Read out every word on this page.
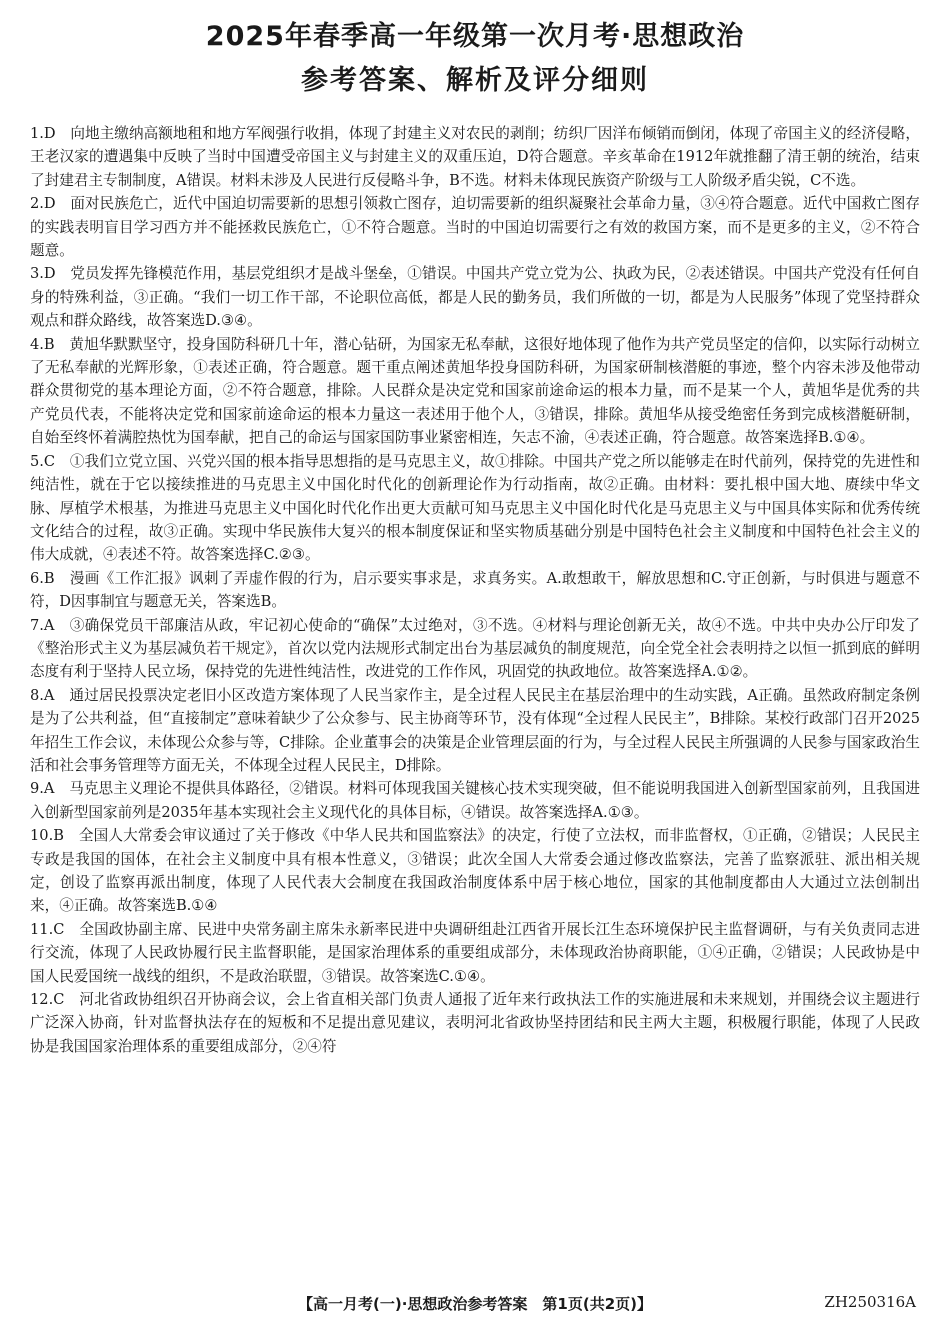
2025年春季高一年级第一次月考·思想政治
参考答案、解析及评分细则

1.D　 向地主缴纳高额地租和地方军阀强行收捐，体现了封建主义对农民的剥削；纺织厂因洋布倾销而倒闭，体现了帝国主义的经济侵略，王老汉家的遭遇集中反映了当时中国遭受帝国主义与封建主义的双重压迫，D符合题意。辛亥革命在1912年就推翻了清王朝的统治，结束了封建君主专制制度，A错误。材料未涉及人民进行反侵略斗争，B不选。材料未体现民族资产阶级与工人阶级矛盾尖锐，C不选。

2.D　 面对民族危亡，近代中国迫切需要新的思想引领救亡图存，迫切需要新的组织凝聚社会革命力量，③④符合题意。近代中国救亡图存的实践表明盲目学习西方并不能拯救民族危亡，①不符合题意。当时的中国迫切需要行之有效的救国方案，而不是更多的主义，②不符合题意。

3.D　 党员发挥先锋模范作用，基层党组织才是战斗堡垒，①错误。中国共产党立党为公、执政为民，②表述错误。中国共产党没有任何自身的特殊利益，③正确。“我们一切工作干部，不论职位高低，都是人民的勤务员，我们所做的一切，都是为人民服务”体现了党坚持群众观点和群众路线，故答案选D.③④。

4.B　 黄旭华默默坚守，投身国防科研几十年，潜心钻研，为国家无私奉献，这很好地体现了他作为共产党员坚定的信仰，以实际行动树立了无私奉献的光辉形象，①表述正确，符合题意。题干重点阐述黄旭华投身国防科研，为国家研制核潜艇的事迹，整个内容未涉及他带动群众贯彻党的基本理论方面，②不符合题意，排除。人民群众是决定党和国家前途命运的根本力量，而不是某一个人，黄旭华是优秀的共产党员代表，不能将决定党和国家前途命运的根本力量这一表述用于他个人，③错误，排除。黄旭华从接受绝密任务到完成核潜艇研制，自始至终怀着满腔热忱为国奉献，把自己的命运与国家国防事业紧密相连，矢志不渝，④表述正确，符合题意。故答案选择B.①④。

5.C　 ①我们立党立国、兴党兴国的根本指导思想指的是马克思主义，故①排除。中国共产党之所以能够走在时代前列，保持党的先进性和纯洁性，就在于它以接续推进的马克思主义中国化时代化的创新理论作为行动指南，故②正确。由材料：要扎根中国大地、赓续中华文脉、厚植学术根基，为推进马克思主义中国化时代化作出更大贡献可知马克思主义中国化时代化是马克思主义与中国具体实际和优秀传统文化结合的过程，故③正确。实现中华民族伟大复兴的根本制度保证和坚实物质基础分别是中国特色社会主义制度和中国特色社会主义的伟大成就，④表述不符。故答案选择C.②③。

6.B　 漫画《工作汇报》讽刺了弄虚作假的行为，启示要实事求是，求真务实。A.敢想敢干，解放思想和C.守正创新，与时俱进与题意不符，D因事制宜与题意无关，答案选B。

7.A　 ③确保党员干部廉洁从政，牢记初心使命的“确保”太过绝对，③不选。④材料与理论创新无关，故④不选。中共中央办公厅印发了《整治形式主义为基层减负若干规定》，首次以党内法规形式制定出台为基层减负的制度规范，向全党全社会表明持之以恒一抓到底的鲜明态度有利于坚持人民立场，保持党的先进性纯洁性，改进党的工作作风，巩固党的执政地位。故答案选择A.①②。

8.A　 通过居民投票决定老旧小区改造方案体现了人民当家作主，是全过程人民民主在基层治理中的生动实践，A正确。虽然政府制定条例是为了公共利益，但“直接制定”意味着缺少了公众参与、民主协商等环节，没有体现“全过程人民民主”，B排除。某校行政部门召开2025年招生工作会议，未体现公众参与等，C排除。企业董事会的决策是企业管理层面的行为，与全过程人民民主所强调的人民参与国家政治生活和社会事务管理等方面无关，不体现全过程人民民主，D排除。

9.A　 马克思主义理论不提供具体路径，②错误。材料可体现我国关键核心技术实现突破，但不能说明我国进入创新型国家前列，且我国进入创新型国家前列是2035年基本实现社会主义现代化的具体目标，④错误。故答案选择A.①③。

10.B　 全国人大常委会审议通过了关于修改《中华人民共和国监察法》的决定，行使了立法权，而非监督权，①正确，②错误；人民民主专政是我国的国体，在社会主义制度中具有根本性意义，③错误；此次全国人大常委会通过修改监察法，完善了监察派驻、派出相关规定，创设了监察再派出制度，体现了人民代表大会制度在我国政治制度体系中居于核心地位，国家的其他制度都由人大通过立法创制出来，④正确。故答案选B.①④

11.C　 全国政协副主席、民进中央常务副主席朱永新率民进中央调研组赴江西省开展长江生态环境保护民主监督调研，与有关负责同志进行交流，体现了人民政协履行民主监督职能，是国家治理体系的重要组成部分，未体现政治协商职能，①④正确，②错误；人民政协是中国人民爱国统一战线的组织，不是政治联盟，③错误。故答案选C.①④。

12.C　 河北省政协组织召开协商会议，会上省直相关部门负责人通报了近年来行政执法工作的实施进展和未来规划，并围绕会议主题进行广泛深入协商，针对监督执法存在的短板和不足提出意见建议，表明河北省政协坚持团结和民主两大主题，积极履行职能，体现了人民政协是我国国家治理体系的重要组成部分，②④符

【高一月考(一)·思想政治参考答案　第1页(共2页)】	ZH250316A
